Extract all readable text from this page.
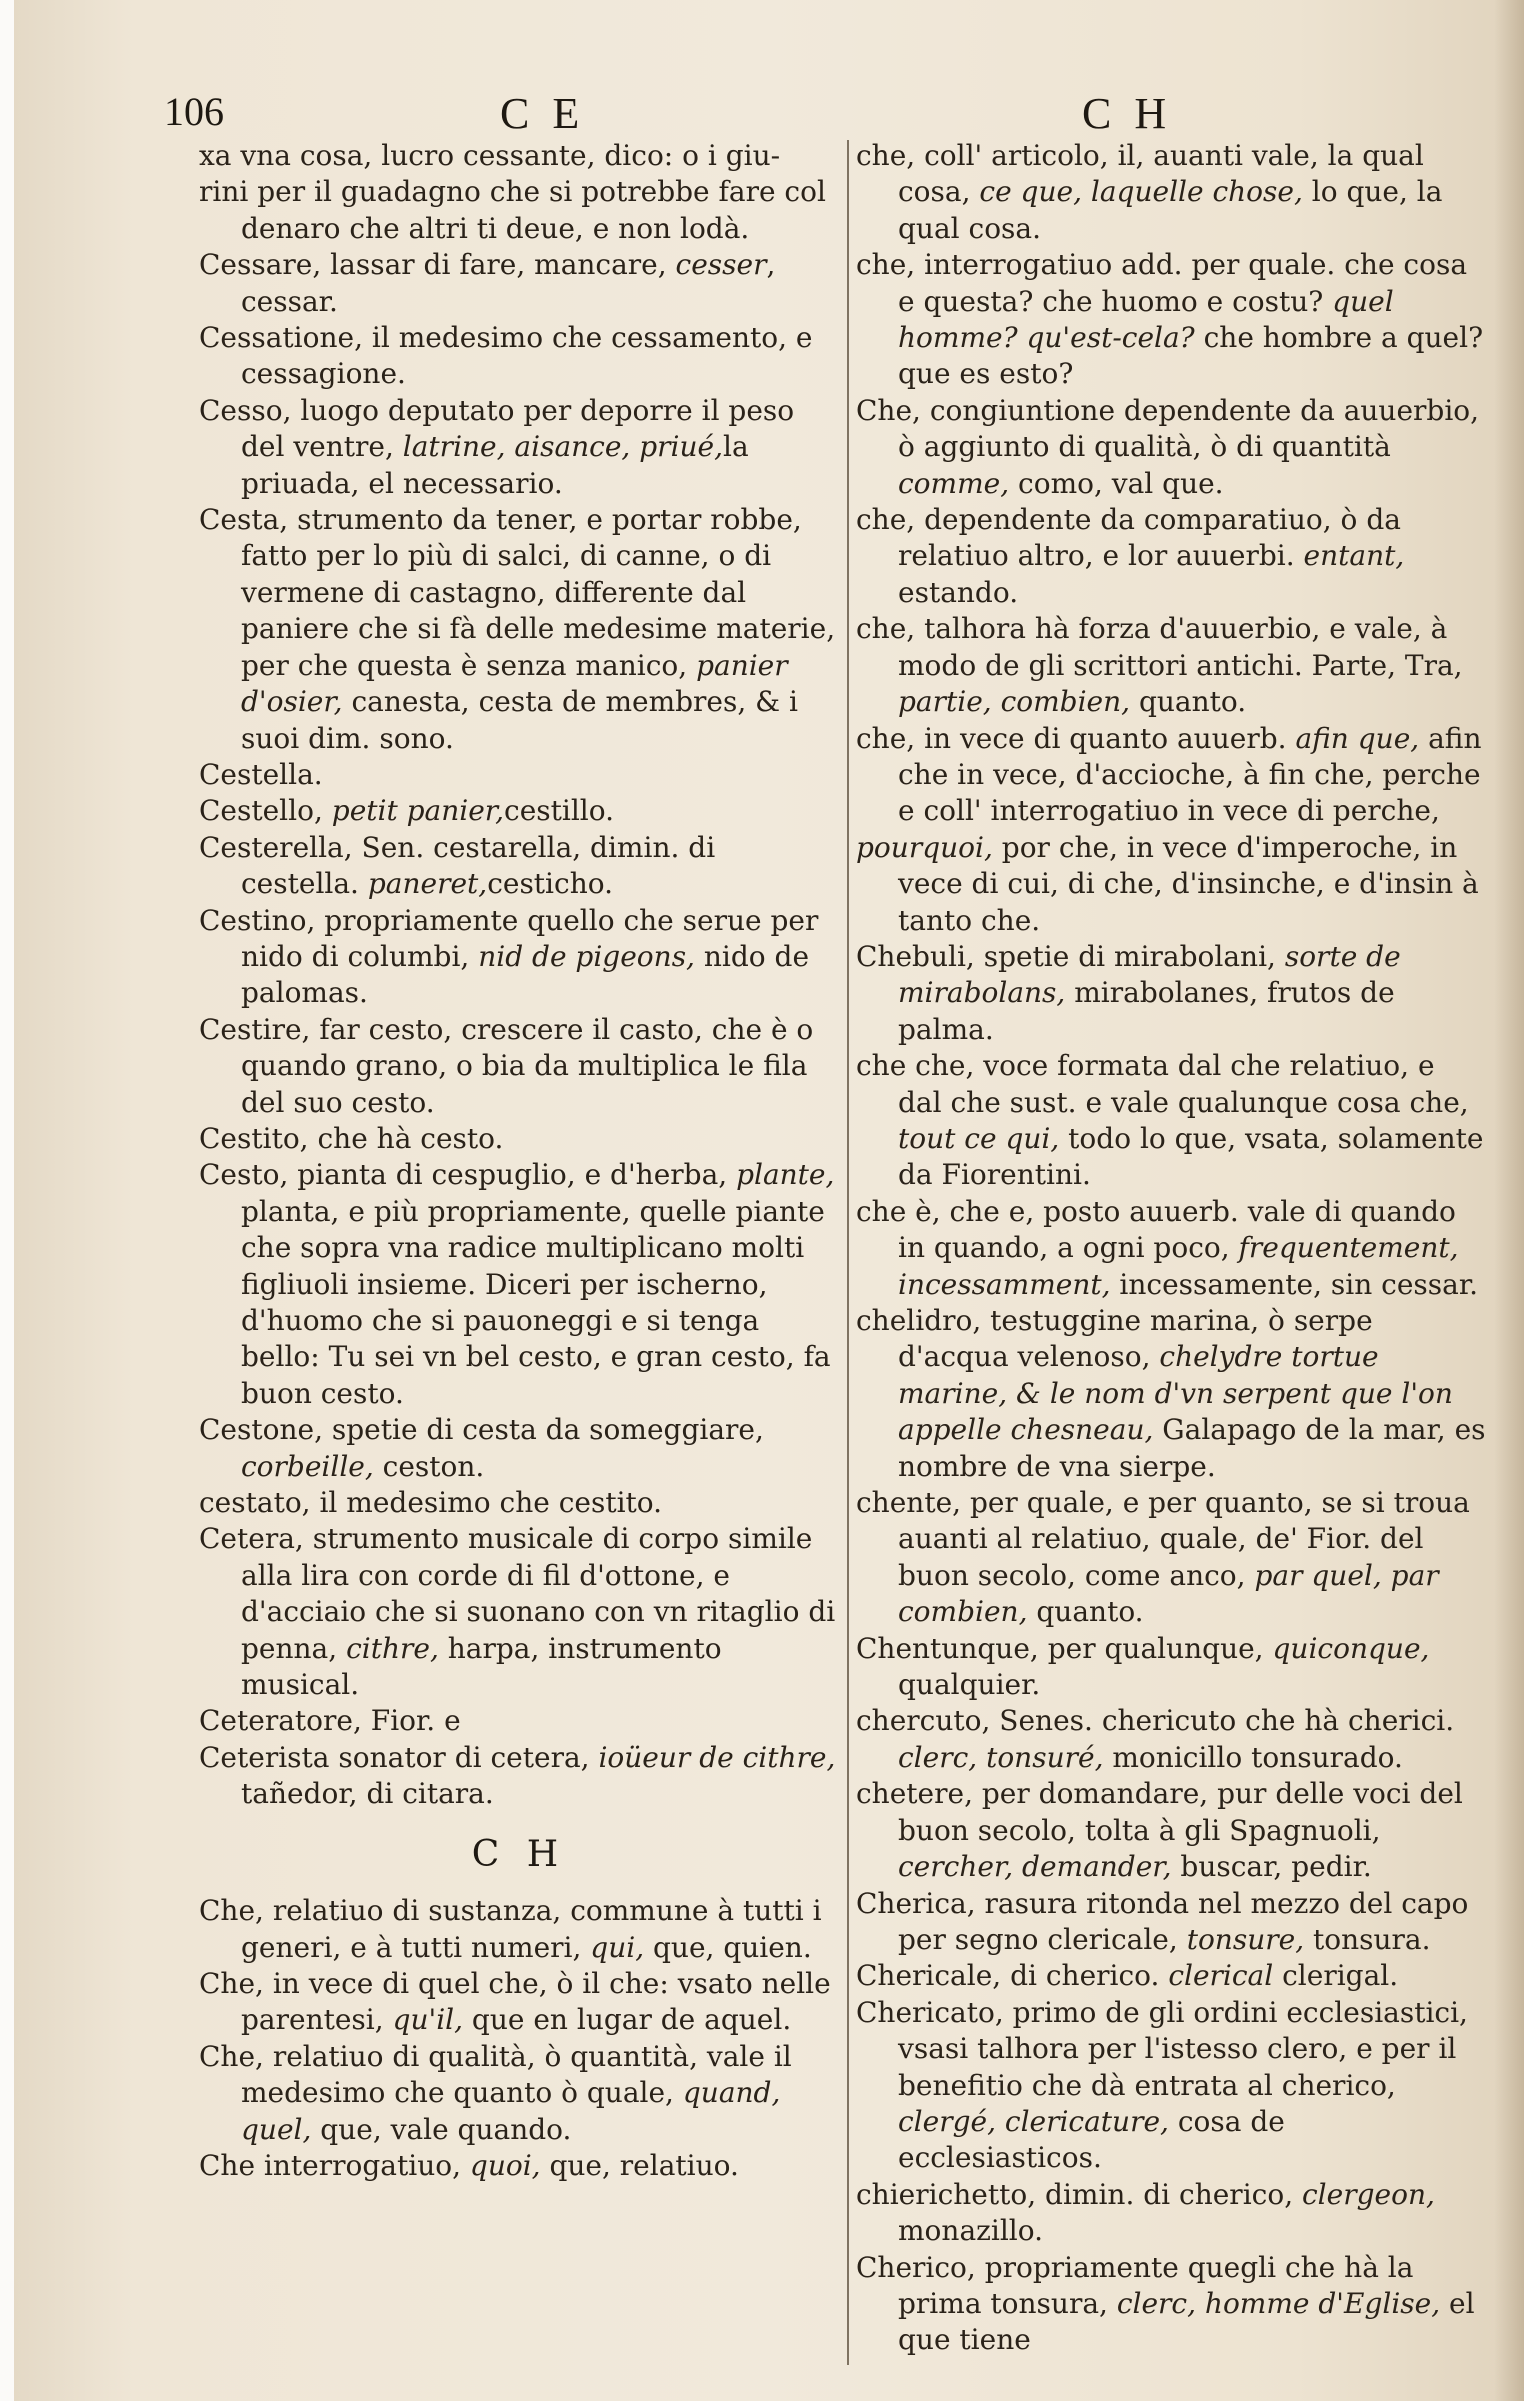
106	C E	C H

xa vna cosa, lucro cessante, dico: o i giu-

rini per il guadagno che si potrebbe fare col denaro che altri ti deue, e non lodà.

Cessare, lassar di fare, mancare, cesser, cessar.

Cessatione, il medesimo che cessamento, e cessagione.

Cesso, luogo deputato per deporre il peso del ventre, latrine, aisance, priué,la priuada, el necessario.

Cesta, strumento da tener, e portar robbe, fatto per lo più di salci, di canne, o di vermene di castagno, differente dal paniere che si fà delle medesime materie, per che questa è senza manico, panier d'osier, canesta, cesta de membres, & i suoi dim. sono.

Cestella.

Cestello, petit panier,cestillo.

Cesterella, Sen. cestarella, dimin. di cestella. paneret,cesticho.

Cestino, propriamente quello che serue per nido di columbi, nid de pigeons, nido de palomas.

Cestire, far cesto, crescere il casto, che è o quando grano, o bia da multiplica le fila del suo cesto.

Cestito, che hà cesto.

Cesto, pianta di cespuglio, e d'herba, plante, planta, e più propriamente, quelle piante che sopra vna radice multiplicano molti figliuoli insieme. Diceri per ischerno, d'huomo che si pauoneggi e si tenga bello: Tu sei vn bel cesto, e gran cesto, fa buon cesto.

Cestone, spetie di cesta da someggiare, corbeille, ceston.

cestato, il medesimo che cestito.

Cetera, strumento musicale di corpo simile alla lira con corde di fil d'ottone, e d'acciaio che si suonano con vn ritaglio di penna, cithre, harpa, instrumento musical.

Ceteratore, Fior. e

Ceterista sonator di cetera, ioüeur de cithre, tañedor, di citara.

C H

Che, relatiuo di sustanza, commune à tutti i generi, e à tutti numeri, qui, que, quien.

Che, in vece di quel che, ò il che: vsato nelle parentesi, qu'il, que en lugar de aquel.

Che, relatiuo di qualità, ò quantità, vale il medesimo che quanto ò quale, quand, quel, que, vale quando.

Che interrogatiuo, quoi, que, relatiuo.

che, coll' articolo, il, auanti vale, la qual cosa, ce que, laquelle chose, lo que, la qual cosa.

che, interrogatiuo add. per quale. che cosa e questa? che huomo e costu? quel homme? qu'est-cela? che hombre a quel? que es esto?

Che, congiuntione dependente da auuerbio, ò aggiunto di qualità, ò di quantità comme, como, val que.

che, dependente da comparatiuo, ò da relatiuo altro, e lor auuerbi. entant, estando.

che, talhora hà forza d'auuerbio, e vale, à modo de gli scrittori antichi. Parte, Tra, partie, combien, quanto.

che, in vece di quanto auuerb. afin que, afin che in vece, d'accioche, à fin che, perche e coll' interrogatiuo in vece di perche,

pourquoi, por che, in vece d'imperoche, in vece di cui, di che, d'insinche, e d'insin à tanto che.

Chebuli, spetie di mirabolani, sorte de mirabolans, mirabolanes, frutos de palma.

che che, voce formata dal che relatiuo, e dal che sust. e vale qualunque cosa che, tout ce qui, todo lo que, vsata, solamente da Fiorentini.

che è, che e, posto auuerb. vale di quando in quando, a ogni poco, frequentement, incessamment, incessamente, sin cessar.

chelidro, testuggine marina, ò serpe d'acqua velenoso, chelydre tortue marine, & le nom d'vn serpent que l'on appelle chesneau, Galapago de la mar, es nombre de vna sierpe.

chente, per quale, e per quanto, se si troua auanti al relatiuo, quale, de' Fior. del buon secolo, come anco, par quel, par combien, quanto.

Chentunque, per qualunque, quiconque, qualquier.

chercuto, Senes. chericuto che hà cherici. clerc, tonsuré, monicillo tonsurado.

chetere, per domandare, pur delle voci del buon secolo, tolta à gli Spagnuoli, cercher, demander, buscar, pedir.

Cherica, rasura ritonda nel mezzo del capo per segno clericale, tonsure, tonsura.

Chericale, di cherico. clerical clerigal.

Chericato, primo de gli ordini ecclesiastici, vsasi talhora per l'istesso clero, e per il benefitio che dà entrata al cherico, clergé, clericature, cosa de ecclesiasticos.

chierichetto, dimin. di cherico, clergeon, monazillo.

Cherico, propriamente quegli che hà la prima tonsura, clerc, homme d'Eglise, el que tiene
